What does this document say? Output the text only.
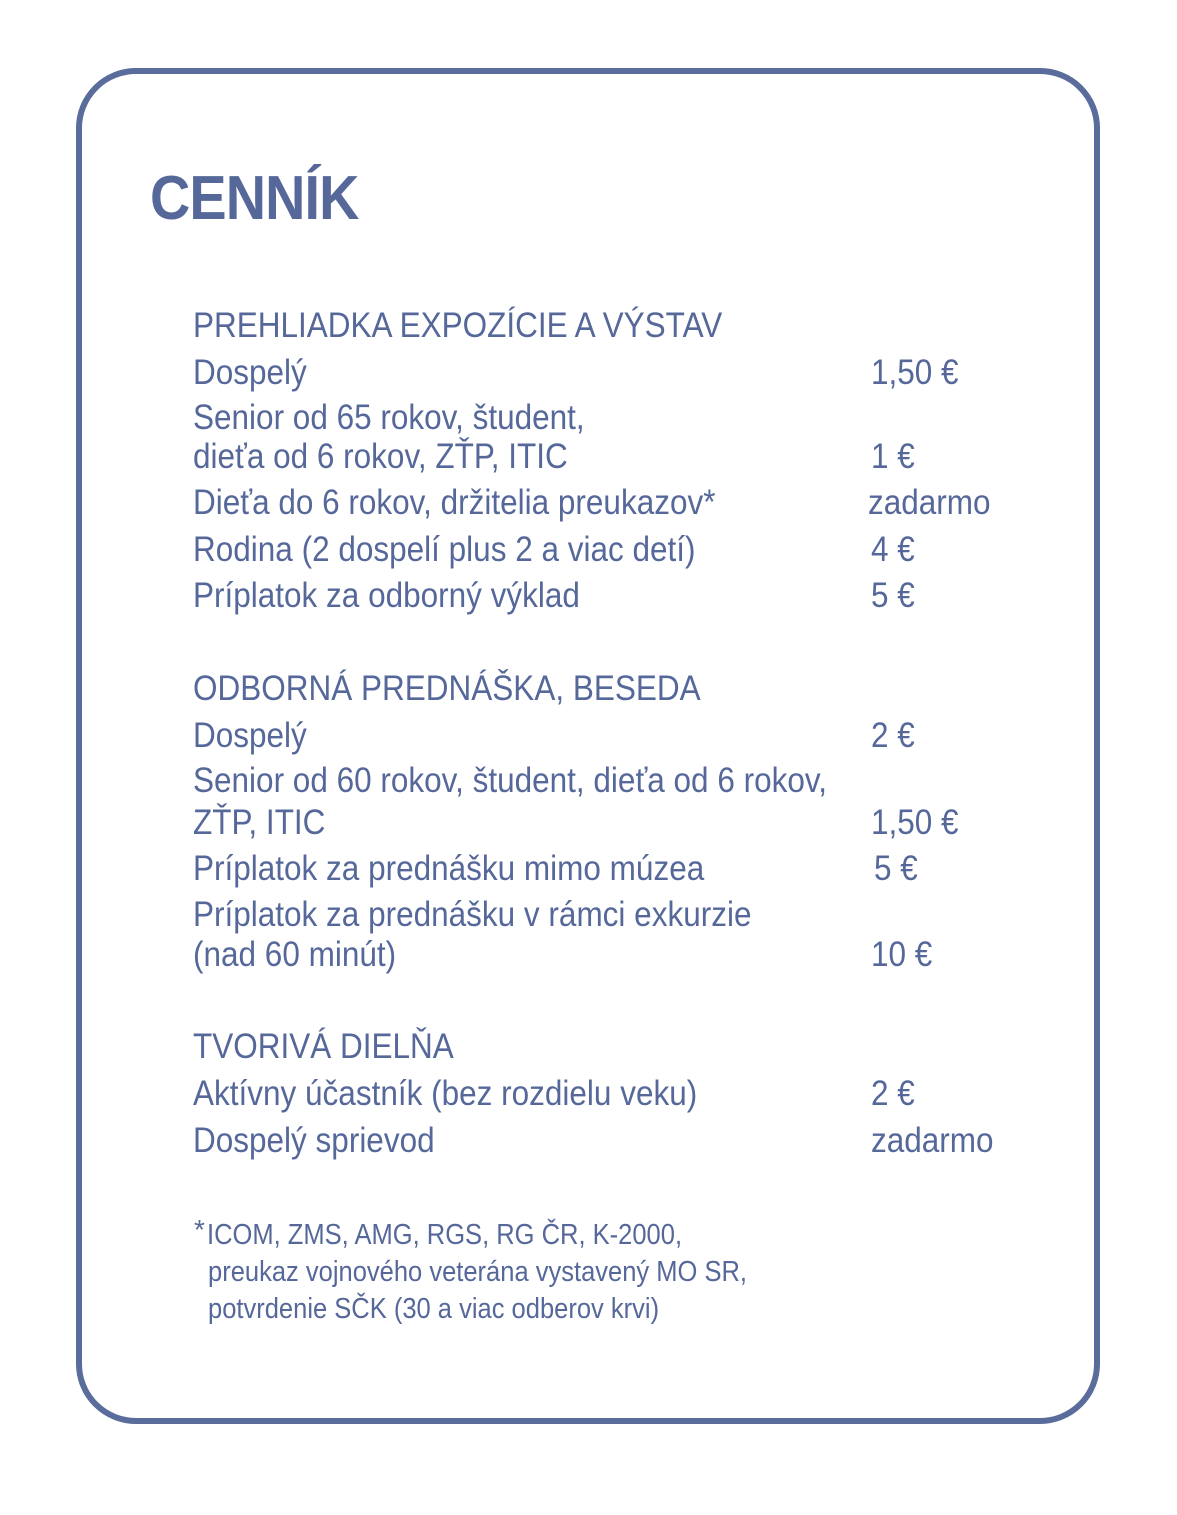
CENNÍK
PREHLIADKA EXPOZÍCIE A VÝSTAV
Dospelý	1,50 €
Senior od 65 rokov, študent,
dieťa od 6 rokov, ZŤP, ITIC	1 €
Dieťa do 6 rokov, držitelia preukazov*	zadarmo
Rodina (2 dospelí plus 2 a viac detí)	4 €
Príplatok za odborný výklad	5 €
ODBORNÁ PREDNÁŠKA, BESEDA
Dospelý	2 €
Senior od 60 rokov, študent, dieťa od 6 rokov,
ZŤP, ITIC	1,50 €
Príplatok za prednášku mimo múzea	5 €
Príplatok za prednášku v rámci exkurzie
(nad 60 minút)	10 €
TVORIVÁ DIELŇA
Aktívny účastník (bez rozdielu veku)	2 €
Dospelý sprievod	zadarmo
* ICOM, ZMS, AMG, RGS, RG ČR, K-2000,
preukaz vojnového veterána vystavený MO SR,
potvrdenie SČK (30 a viac odberov krvi)
